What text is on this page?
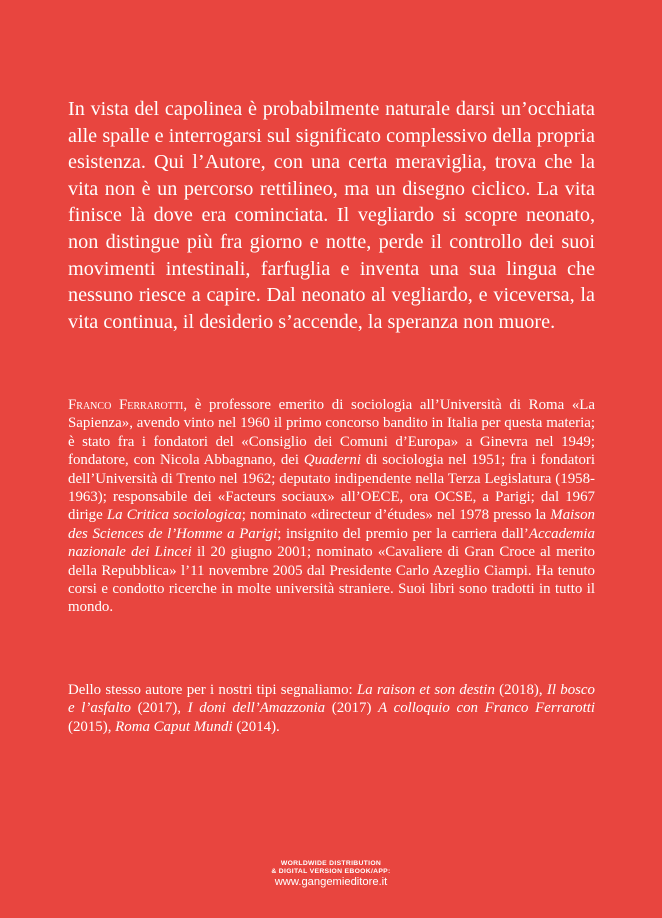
In vista del capolinea è probabilmente naturale darsi un’occhiata alle spalle e interrogarsi sul significato complessivo della propria esistenza. Qui l’Autore, con una certa meraviglia, trova che la vita non è un percorso rettilineo, ma un disegno ciclico. La vita finisce là dove era cominciata. Il vegliardo si scopre neonato, non distingue più fra giorno e notte, perde il controllo dei suoi movimenti intestinali, farfuglia e inventa una sua lingua che nessuno riesce a capire. Dal neonato al vegliardo, e viceversa, la vita continua, il desiderio s’accende, la speranza non muore.

Franco Ferrarotti, è professore emerito di sociologia all’Università di Roma «La Sapienza», avendo vinto nel 1960 il primo concorso bandito in Italia per questa materia; è stato fra i fondatori del «Consiglio dei Comuni d’Europa» a Ginevra nel 1949; fondatore, con Nicola Abbagnano, dei Quaderni di sociologia nel 1951; fra i fondatori dell’Università di Trento nel 1962; deputato indipendente nella Terza Legislatura (1958-1963); responsabile dei «Facteurs sociaux» all’OECE, ora OCSE, a Parigi; dal 1967 dirige La Critica sociologica; nominato «directeur d’études» nel 1978 presso la Maison des Sciences de l’Homme a Parigi; insignito del premio per la carriera dall’Accademia nazionale dei Lincei il 20 giugno 2001; nominato «Cavaliere di Gran Croce al merito della Repubblica» l’11 novembre 2005 dal Presidente Carlo Azeglio Ciampi. Ha tenuto corsi e condotto ricerche in molte università straniere. Suoi libri sono tradotti in tutto il mondo.

Dello stesso autore per i nostri tipi segnaliamo: La raison et son destin (2018), Il bosco e l’asfalto (2017), I doni dell’Amazzonia (2017) A colloquio con Franco Ferrarotti (2015), Roma Caput Mundi (2014).

WORLDWIDE DISTRIBUTION
& DIGITAL VERSION EBOOK/APP:
www.gangemieditore.it
